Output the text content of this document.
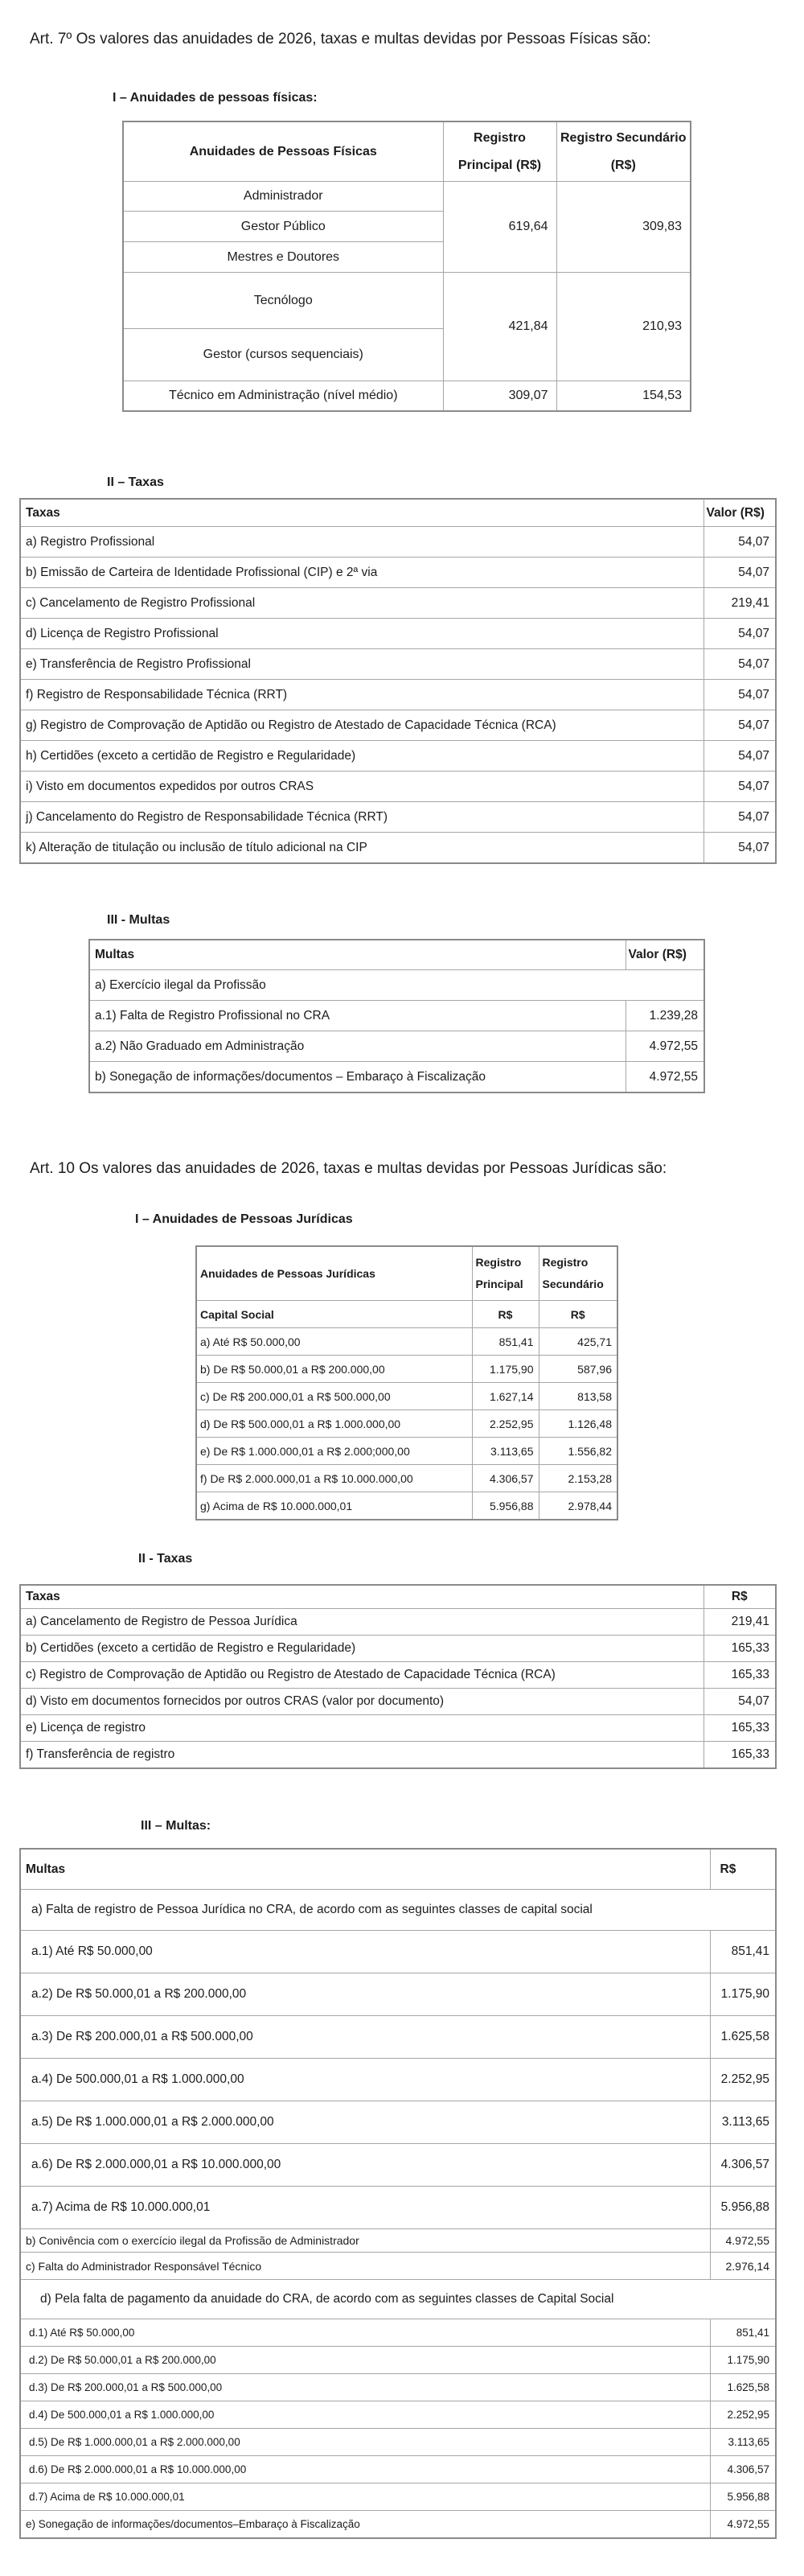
Art. 7º Os valores das anuidades de 2026, taxas e multas devidas por Pessoas Físicas são:

I – Anuidades de pessoas físicas:
Anuidades de Pessoas Físicas	Registro Principal (R$)	Registro Secundário (R$)
Administrador	619,64	309,83
Gestor Público		
Mestres e Doutores		
Tecnólogo	421,84	210,93
Gestor (cursos sequenciais)		
Técnico em Administração (nível médio)	309,07	154,53
II – Taxas
Taxas	Valor (R$)
a) Registro Profissional	54,07
b) Emissão de Carteira de Identidade Profissional (CIP) e 2ª via	54,07
c) Cancelamento de Registro Profissional	219,41
d) Licença de Registro Profissional	54,07
e) Transferência de Registro Profissional	54,07
f) Registro de Responsabilidade Técnica (RRT)	54,07
g) Registro de Comprovação de Aptidão ou Registro de Atestado de Capacidade Técnica (RCA)	54,07
h) Certidões (exceto a certidão de Registro e Regularidade)	54,07
i) Visto em documentos expedidos por outros CRAS	54,07
j) Cancelamento do Registro de Responsabilidade Técnica (RRT)	54,07
k) Alteração de titulação ou inclusão de título adicional na CIP	54,07
III - Multas
Multas	Valor (R$)
a) Exercício ilegal da Profissão	
a.1) Falta de Registro Profissional no CRA	1.239,28
a.2) Não Graduado em Administração	4.972,55
b) Sonegação de informações/documentos – Embaraço à Fiscalização	4.972,55

Art. 10 Os valores das anuidades de 2026, taxas e multas devidas por Pessoas Jurídicas são:

I – Anuidades de Pessoas Jurídicas
Anuidades de Pessoas Jurídicas	Registro Principal	Registro Secundário
Capital Social	R$	R$
a) Até R$ 50.000,00	851,41	425,71
b) De R$ 50.000,01 a R$ 200.000,00	1.175,90	587,96
c) De R$ 200.000,01 a R$ 500.000,00	1.627,14	813,58
d) De R$ 500.000,01 a R$ 1.000.000,00	2.252,95	1.126,48
e) De R$ 1.000.000,01 a R$ 2.000;000,00	3.113,65	1.556,82
f) De R$ 2.000.000,01 a R$ 10.000.000,00	4.306,57	2.153,28
g) Acima de R$ 10.000.000,01	5.956,88	2.978,44
II - Taxas
Taxas	R$
a) Cancelamento de Registro de Pessoa Jurídica	219,41
b) Certidões (exceto a certidão de Registro e Regularidade)	165,33
c) Registro de Comprovação de Aptidão ou Registro de Atestado de Capacidade Técnica (RCA)	165,33
d) Visto em documentos fornecidos por outros CRAS (valor por documento)	54,07
e) Licença de registro	165,33
f) Transferência de registro	165,33
III – Multas:
Multas	R$
a) Falta de registro de Pessoa Jurídica no CRA, de acordo com as seguintes classes de capital social	
a.1) Até R$ 50.000,00	851,41
a.2) De R$ 50.000,01 a R$ 200.000,00	1.175,90
a.3) De R$ 200.000,01 a R$ 500.000,00	1.625,58
a.4) De 500.000,01 a R$ 1.000.000,00	2.252,95
a.5) De R$ 1.000.000,01 a R$ 2.000.000,00	3.113,65
a.6) De R$ 2.000.000,01 a R$ 10.000.000,00	4.306,57
a.7) Acima de R$ 10.000.000,01	5.956,88
b) Conivência com o exercício ilegal da Profissão de Administrador	4.972,55
c) Falta do Administrador Responsável Técnico	2.976,14
d) Pela falta de pagamento da anuidade do CRA, de acordo com as seguintes classes de Capital Social	
d.1) Até R$ 50.000,00	851,41
d.2) De R$ 50.000,01 a R$ 200.000,00	1.175,90
d.3) De R$ 200.000,01 a R$ 500.000,00	1.625,58
d.4) De 500.000,01 a R$ 1.000.000,00	2.252,95
d.5) De R$ 1.000.000,01 a R$ 2.000.000,00	3.113,65
d.6) De R$ 2.000.000,01 a R$ 10.000.000,00	4.306,57
d.7) Acima de R$ 10.000.000,01	5.956,88
e) Sonegação de informações/documentos–Embaraço à Fiscalização	4.972,55
